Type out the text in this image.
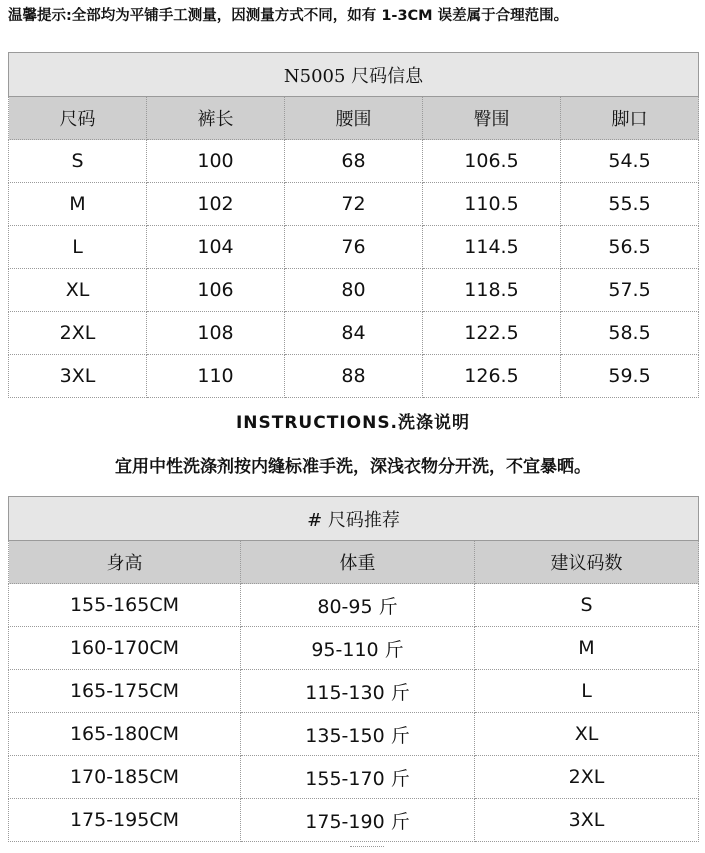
温馨提示:全部均为平铺手工测量，因测量方式不同，如有 1-3CM 误差属于合理范围。
N5005 尺码信息				
尺码	裤长	腰围	臀围	脚口
S	100	68	106.5	54.5
M	102	72	110.5	55.5
L	104	76	114.5	56.5
XL	106	80	118.5	57.5
2XL	108	84	122.5	58.5
3XL	110	88	126.5	59.5
INSTRUCTIONS.洗涤说明
宜用中性洗涤剂按内缝标准手洗，深浅衣物分开洗，不宜暴晒。
# 尺码推荐		
身高	体重	建议码数
155-165CM	80-95 斤	S
160-170CM	95-110 斤	M
165-175CM	115-130 斤	L
165-180CM	135-150 斤	XL
170-185CM	155-170 斤	2XL
175-195CM	175-190 斤	3XL
